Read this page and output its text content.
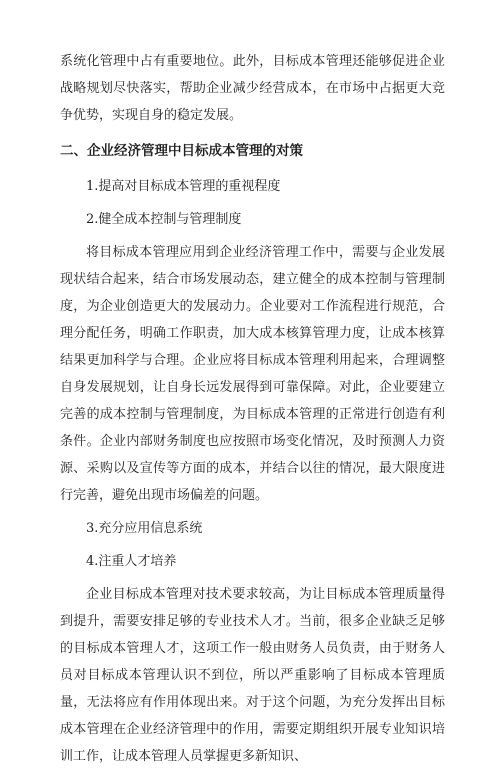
系统化管理中占有重要地位。此外，目标成本管理还能够促进企业战略规划尽快落实，帮助企业减少经营成本，在市场中占据更大竞争优势，实现自身的稳定发展。

二、企业经济管理中目标成本管理的对策
1.提高对目标成本管理的重视程度
2.健全成本控制与管理制度

将目标成本管理应用到企业经济管理工作中，需要与企业发展现状结合起来，结合市场发展动态，建立健全的成本控制与管理制度，为企业创造更大的发展动力。企业要对工作流程进行规范，合理分配任务，明确工作职责，加大成本核算管理力度，让成本核算结果更加科学与合理。企业应将目标成本管理利用起来，合理调整自身发展规划，让自身长远发展得到可靠保障。对此，企业要建立完善的成本控制与管理制度，为目标成本管理的正常进行创造有利条件。企业内部财务制度也应按照市场变化情况，及时预测人力资源、采购以及宣传等方面的成本，并结合以往的情况，最大限度进行完善，避免出现市场偏差的问题。

3.充分应用信息系统
4.注重人才培养

企业目标成本管理对技术要求较高，为让目标成本管理质量得到提升，需要安排足够的专业技术人才。当前，很多企业缺乏足够的目标成本管理人才，这项工作一般由财务人员负责，由于财务人员对目标成本管理认识不到位，所以严重影响了目标成本管理质量，无法将应有作用体现出来。对于这个问题，为充分发挥出目标成本管理在企业经济管理中的作用，需要定期组织开展专业知识培训工作，让成本管理人员掌握更多新知识、
